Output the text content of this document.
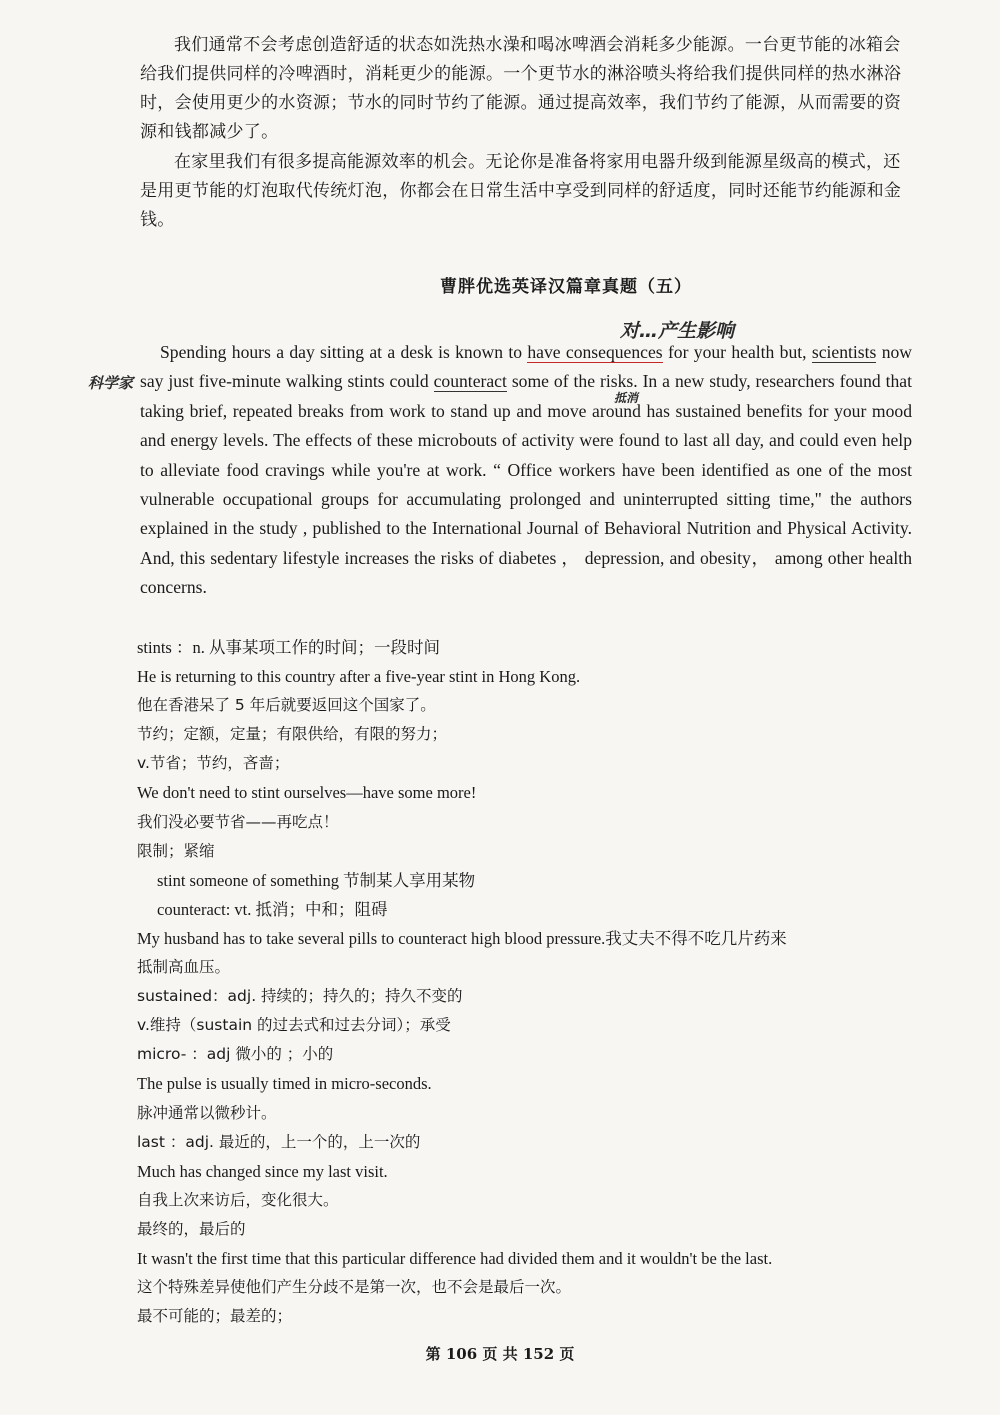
我们通常不会考虑创造舒适的状态如洗热水澡和喝冰啤酒会消耗多少能源。一台更节能的冰箱会给我们提供同样的冷啤酒时，消耗更少的能源。一个更节水的淋浴喷头将给我们提供同样的热水淋浴时，会使用更少的水资源；节水的同时节约了能源。通过提高效率，我们节约了能源，从而需要的资源和钱都减少了。

在家里我们有很多提高能源效率的机会。无论你是准备将家用电器升级到能源星级高的模式，还是用更节能的灯泡取代传统灯泡，你都会在日常生活中享受到同样的舒适度，同时还能节约能源和金钱。

曹胖优选英译汉篇章真题（五）
对…产生影响
科学家
抵消

Spending hours a day sitting at a desk is known to have consequences for your health but, scientists now say just five-minute walking stints could counteract some of the risks. In a new study, researchers found that taking brief, repeated breaks from work to stand up and move around has sustained benefits for your mood and energy levels. The effects of these microbouts of activity were found to last all day, and could even help to alleviate food cravings while you're at work. “ Office workers have been identified as one of the most vulnerable occupational groups for accumulating prolonged and uninterrupted sitting time," the authors explained in the study , published to the International Journal of Behavioral Nutrition and Physical Activity. And, this sedentary lifestyle increases the risks of diabetes ， depression, and obesity， among other health concerns.

stints ：n. 从事某项工作的时间；一段时间
He is returning to this country after a five-year stint in Hong Kong.
他在香港呆了 5 年后就要返回这个国家了。
节约；定额，定量；有限供给，有限的努力；
v.节省；节约，吝啬；
We don't need to stint ourselves—have some more!
我们没必要节省——再吃点！
限制；紧缩
stint someone of something 节制某人享用某物
counteract: vt. 抵消；中和；阻碍
My husband has to take several pills to counteract high blood pressure.我丈夫不得不吃几片药来
抵制高血压。
sustained：adj. 持续的；持久的；持久不变的
v.维持（sustain 的过去式和过去分词）；承受
micro- ：adj 微小的 ；小的
The pulse is usually timed in micro-seconds.
脉冲通常以微秒计。
last ：adj. 最近的，上一个的，上一次的
Much has changed since my last visit.
自我上次来访后，变化很大。
最终的，最后的
It wasn't the first time that this particular difference had divided them and it wouldn't be the last.
这个特殊差异使他们产生分歧不是第一次，也不会是最后一次。
最不可能的；最差的；
第 106 页 共 152 页
